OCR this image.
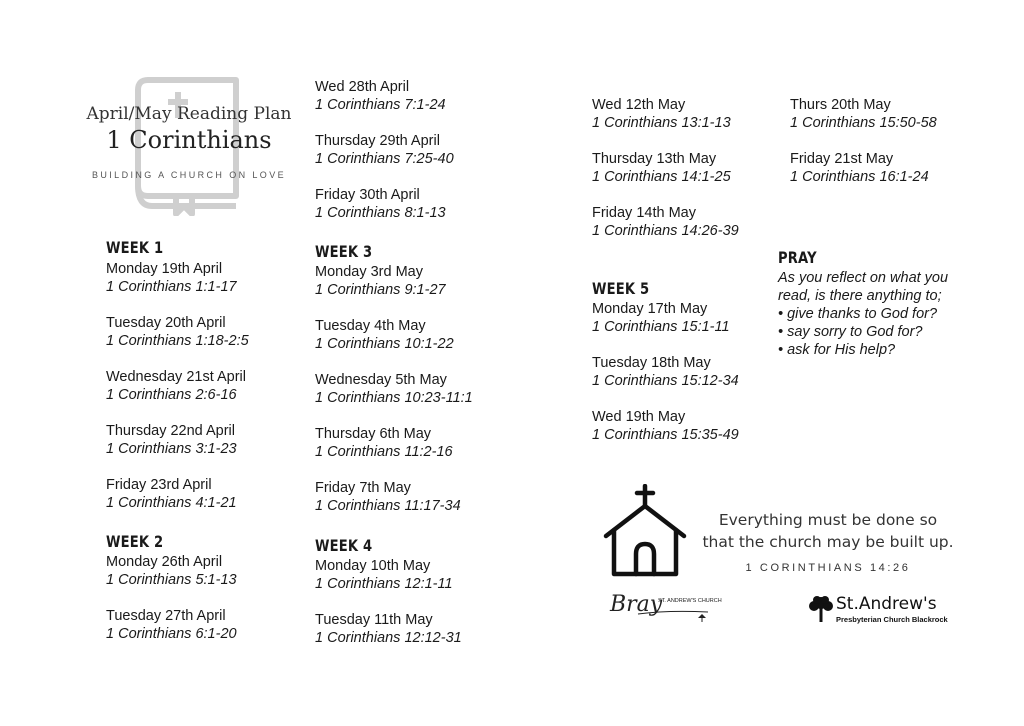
April/May Reading Plan
1 Corinthians
BUILDING A CHURCH ON LOVE
WEEK 1
Monday 19th April
1 Corinthians 1:1-17
Tuesday 20th April
1 Corinthians 1:18-2:5
Wednesday 21st April
1 Corinthians 2:6-16
Thursday 22nd April
1 Corinthians 3:1-23
Friday 23rd April
1 Corinthians 4:1-21
WEEK 2
Monday 26th April
1 Corinthians 5:1-13
Tuesday 27th April
1 Corinthians 6:1-20
Wed 28th April
1 Corinthians 7:1-24
Thursday 29th April
1 Corinthians 7:25-40
Friday 30th April
1 Corinthians 8:1-13
WEEK 3
Monday 3rd May
1 Corinthians 9:1-27
Tuesday 4th May
1 Corinthians 10:1-22
Wednesday 5th May
1 Corinthians 10:23-11:1
Thursday 6th May
1 Corinthians 11:2-16
Friday 7th May
1 Corinthians 11:17-34
WEEK 4
Monday 10th May
1 Corinthians 12:1-11
Tuesday 11th May
1 Corinthians 12:12-31
Wed 12th May
1 Corinthians 13:1-13
Thursday 13th May
1 Corinthians 14:1-25
Friday 14th May
1 Corinthians 14:26-39
WEEK 5
Monday 17th May
1 Corinthians 15:1-11
Tuesday 18th May
1 Corinthians 15:12-34
Wed 19th May
1 Corinthians 15:35-49
Thurs 20th May
1 Corinthians 15:50-58
Friday 21st May
1 Corinthians 16:1-24
PRAY
As you reflect on what you
read, is there anything to;
• give thanks to God for?
• say sorry to God for?
• ask for His help?
Everything must be done so
that the church may be built up.
1 CORINTHIANS 14:26
Bray
ST. ANDREW'S CHURCH	St.Andrew's
Presbyterian Church Blackrock
